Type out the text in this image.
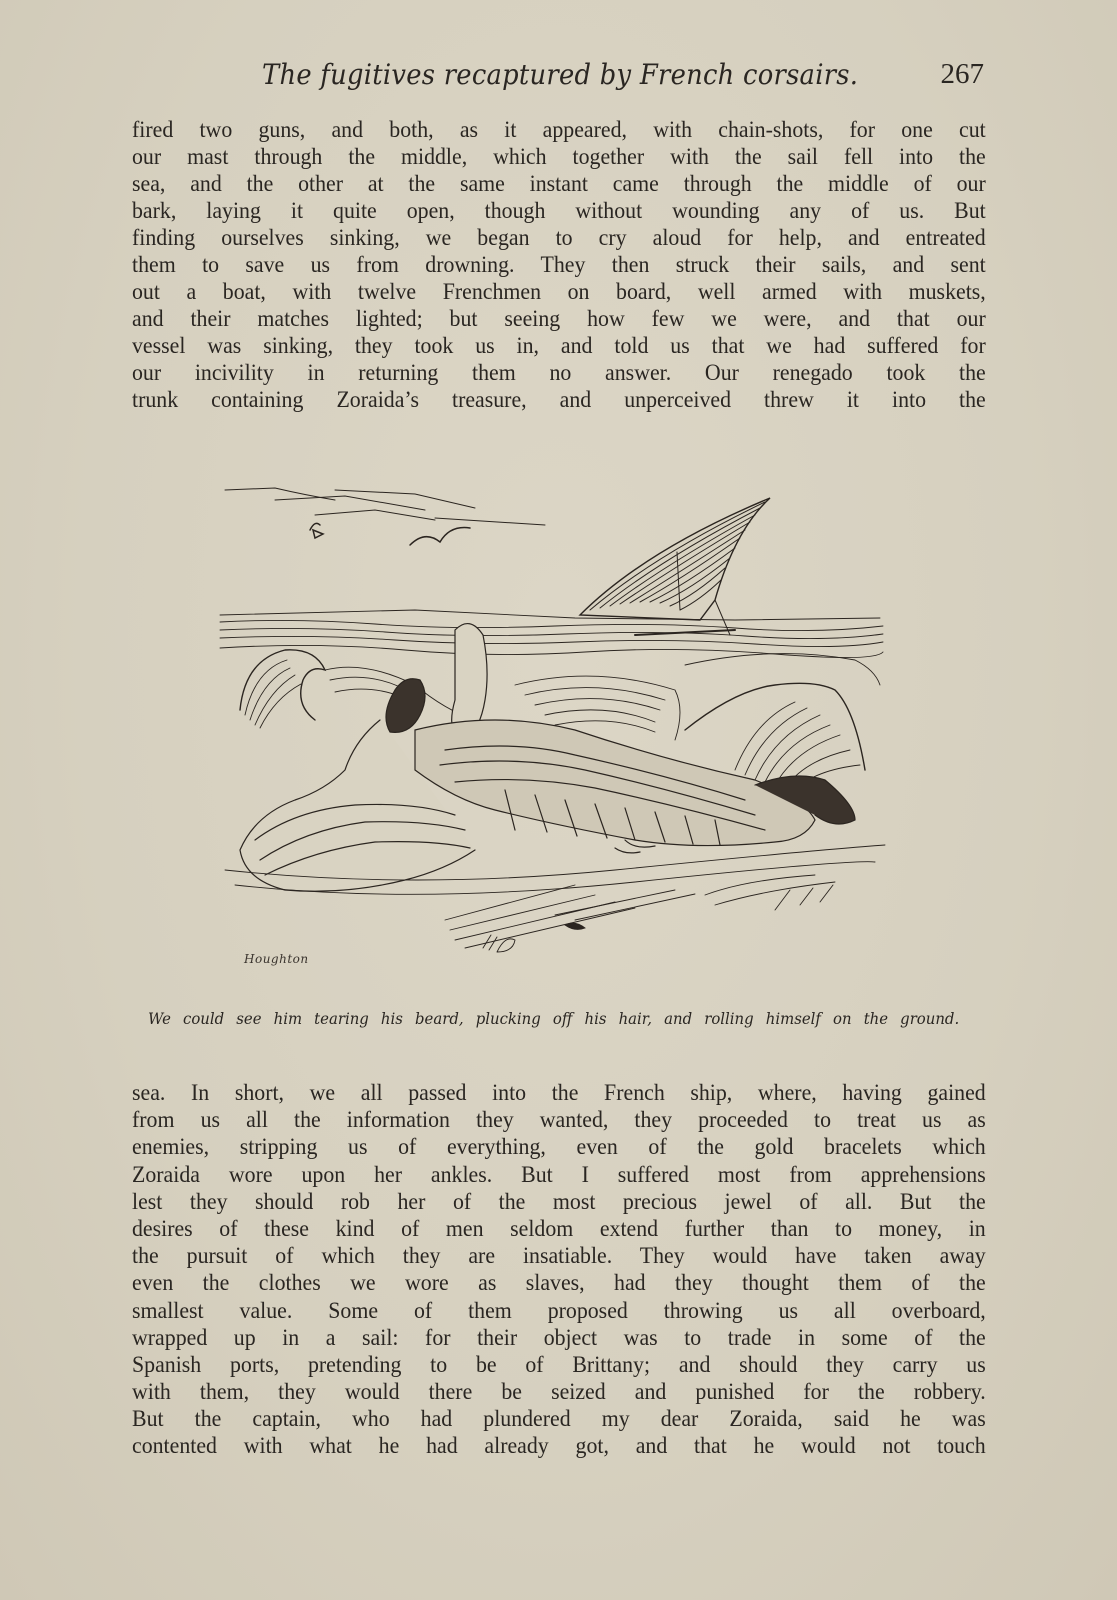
The fugitives recaptured by French corsairs.	267
fired two guns, and both, as it appeared, with chain-shots, for one cut
our mast through the middle, which together with the sail fell into the
sea, and the other at the same instant came through the middle of our
bark, laying it quite open, though without wounding any of us. But
finding ourselves sinking, we began to cry aloud for help, and entreated
them to save us from drowning. They then struck their sails, and sent
out a boat, with twelve Frenchmen on board, well armed with muskets,
and their matches lighted; but seeing how few we were, and that our
vessel was sinking, they took us in, and told us that we had suffered for
our incivility in returning them no answer. Our renegado took the
trunk containing Zoraida’s treasure, and unperceived threw it into the
Houghton
We could see him tearing his beard, plucking off his hair, and rolling himself on the ground.
sea. In short, we all passed into the French ship, where, having gained
from us all the information they wanted, they proceeded to treat us as
enemies, stripping us of everything, even of the gold bracelets which
Zoraida wore upon her ankles. But I suffered most from apprehensions
lest they should rob her of the most precious jewel of all. But the
desires of these kind of men seldom extend further than to money, in
the pursuit of which they are insatiable. They would have taken away
even the clothes we wore as slaves, had they thought them of the
smallest value. Some of them proposed throwing us all overboard,
wrapped up in a sail: for their object was to trade in some of the
Spanish ports, pretending to be of Brittany; and should they carry us
with them, they would there be seized and punished for the robbery.
But the captain, who had plundered my dear Zoraida, said he was
contented with what he had already got, and that he would not touch
